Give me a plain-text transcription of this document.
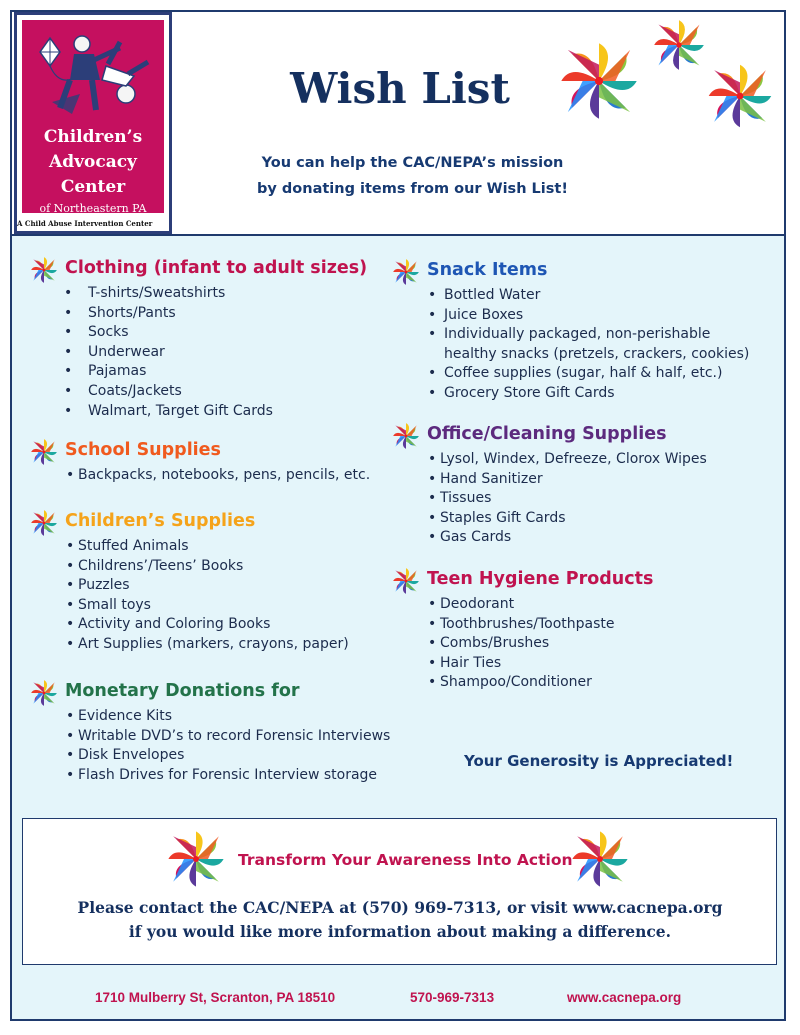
Children’s
Advocacy
Center
of Northeastern PA
A Child Abuse Intervention Center
Wish List
You can help the CAC/NEPA’s mission
by donating items from our Wish List!
Clothing (infant to adult sizes)
• T-shirts/Sweatshirts
• Shorts/Pants
• Socks
• Underwear
• Pajamas
• Coats/Jackets
• Walmart, Target Gift Cards
School Supplies
• Backpacks, notebooks, pens, pencils, etc.
Children’s Supplies
• Stuffed Animals
• Childrens’/Teens’ Books
• Puzzles
• Small toys
• Activity and Coloring Books
• Art Supplies (markers, crayons, paper)
Monetary Donations for
• Evidence Kits
• Writable DVD’s to record Forensic Interviews
• Disk Envelopes
• Flash Drives for Forensic Interview storage
Snack Items
• Bottled Water
• Juice Boxes
• Individually packaged, non-perishable
healthy snacks (pretzels, crackers, cookies)
• Coffee supplies (sugar, half & half, etc.)
• Grocery Store Gift Cards
Office/Cleaning Supplies
• Lysol, Windex, Defreeze, Clorox Wipes
• Hand Sanitizer
• Tissues
• Staples Gift Cards
• Gas Cards
Teen Hygiene Products
• Deodorant
• Toothbrushes/Toothpaste
• Combs/Brushes
• Hair Ties
• Shampoo/Conditioner
Your Generosity is Appreciated!
Transform Your Awareness Into Action
Please contact the CAC/NEPA at (570) 969-7313, or visit www.cacnepa.org
if you would like more information about making a difference.
1710 Mulberry St, Scranton, PA 18510	570-969-7313	www.cacnepa.org
